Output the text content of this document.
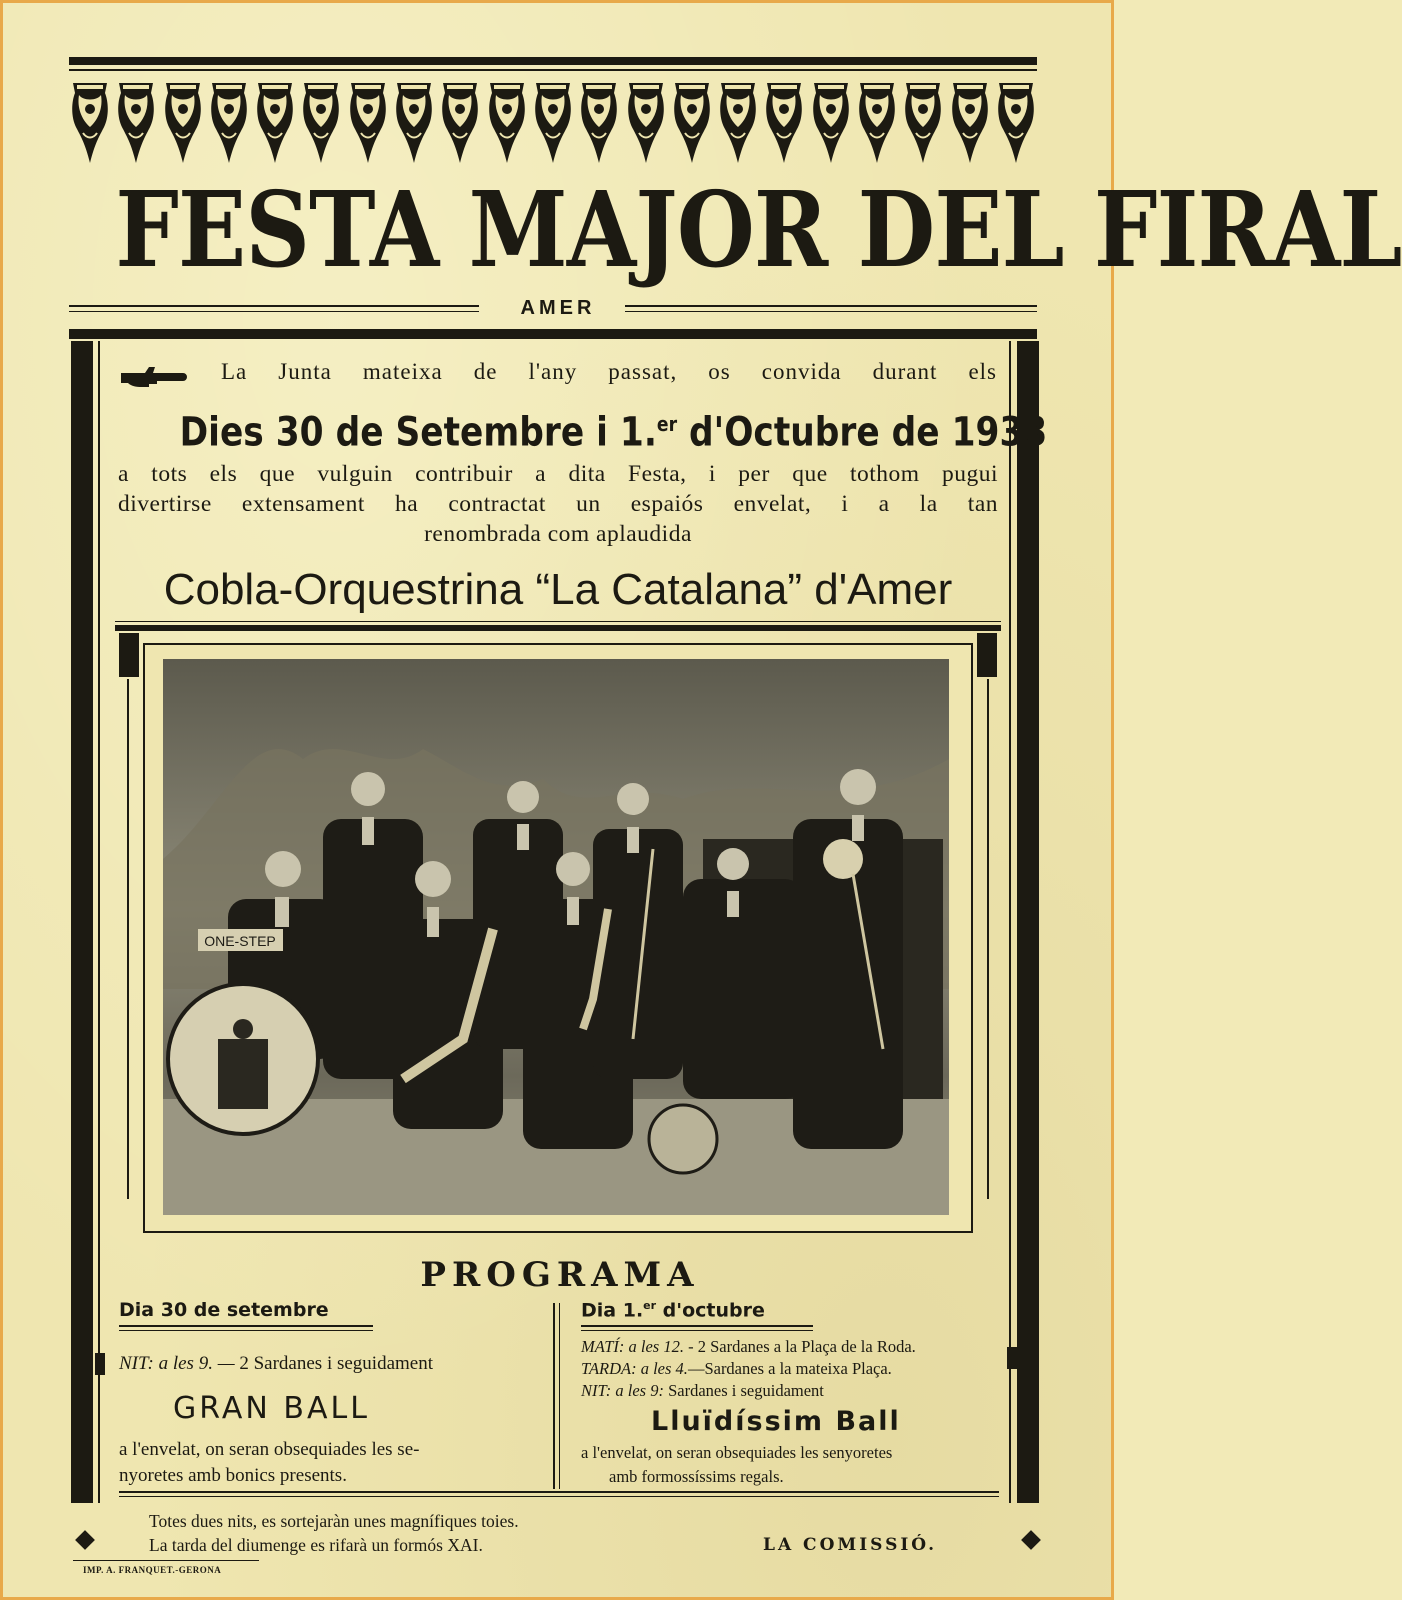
FESTA MAJOR DEL FIRAL
AMER
La Junta mateixa de l'any passat, os convida durant els
Dies 30 de Setembre i 1.$^{er}$ d'Octubre de 1933
a tots els que vulguin contribuir a dita Festa, i per que tothom pugui
divertirse extensament ha contractat un espaiós envelat, i a la tan
renombrada com aplaudida
Cobla-Orquestrina “La Catalana” d'Amer
ONE-STEP
PROGRAMA
Dia 30 de setembre	Dia 1.$^{er}$ d'octubre
NIT: a les 9. — 2 Sardanes i seguidament
GRAN BALL
a l'envelat, on seran obsequiades les se-
nyoretes amb bonics presents.
MATÍ: a les 12. - 2 Sardanes a la Plaça de la Roda.
TARDA: a les 4.—Sardanes a la mateixa Plaça.
NIT: a les 9: Sardanes i seguidament
Lluïdíssim Ball
a l'envelat, on seran obsequiades les senyoretes
amb formossíssims regals.
Totes dues nits, es sortejaràn unes magnífiques toies.
La tarda del diumenge es rifarà un formós XAI.	LA COMISSIÓ.
IMP. A. FRANQUET.-GERONA
